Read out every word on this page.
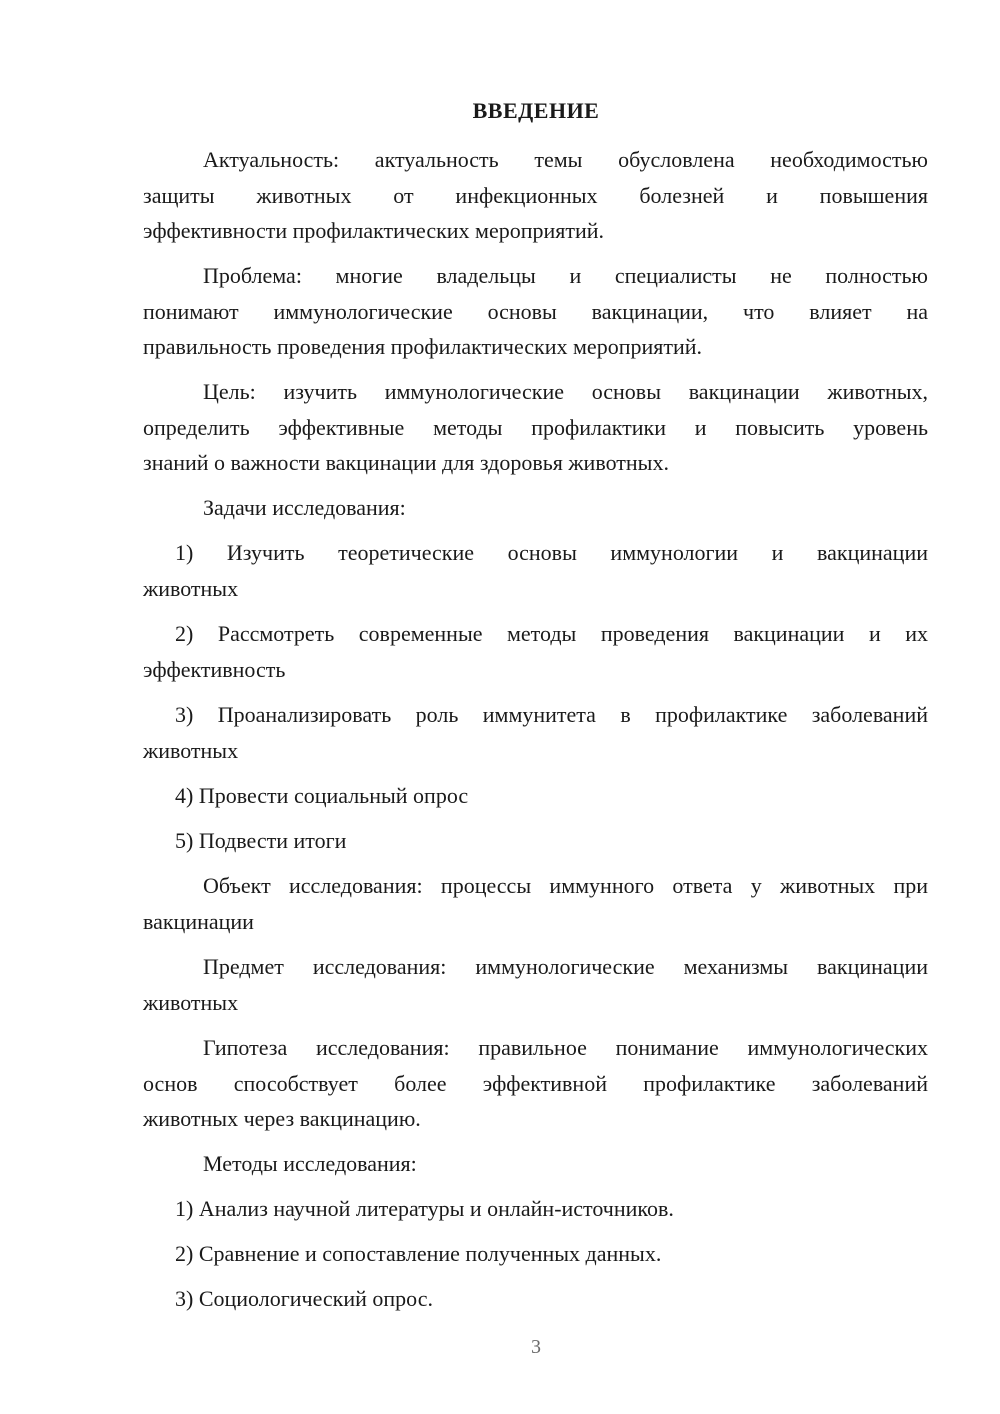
ВВЕДЕНИЕ
Актуальность: актуальность темы обусловлена необходимостью
защиты животных от инфекционных болезней и повышения
эффективности профилактических мероприятий.
Проблема: многие владельцы и специалисты не полностью
понимают иммунологические основы вакцинации, что влияет на
правильность проведения профилактических мероприятий.
Цель: изучить иммунологические основы вакцинации животных,
определить эффективные методы профилактики и повысить уровень
знаний о важности вакцинации для здоровья животных.
Задачи исследования:
1) Изучить теоретические основы иммунологии и вакцинации
животных
2) Рассмотреть современные методы проведения вакцинации и их
эффективность
3) Проанализировать роль иммунитета в профилактике заболеваний
животных
4) Провести социальный опрос
5) Подвести итоги
Объект исследования: процессы иммунного ответа у животных при
вакцинации
Предмет исследования: иммунологические механизмы вакцинации
животных
Гипотеза исследования: правильное понимание иммунологических
основ способствует более эффективной профилактике заболеваний
животных через вакцинацию.
Методы исследования:
1) Анализ научной литературы и онлайн-источников.
2) Сравнение и сопоставление полученных данных.
3) Социологический опрос.
3
